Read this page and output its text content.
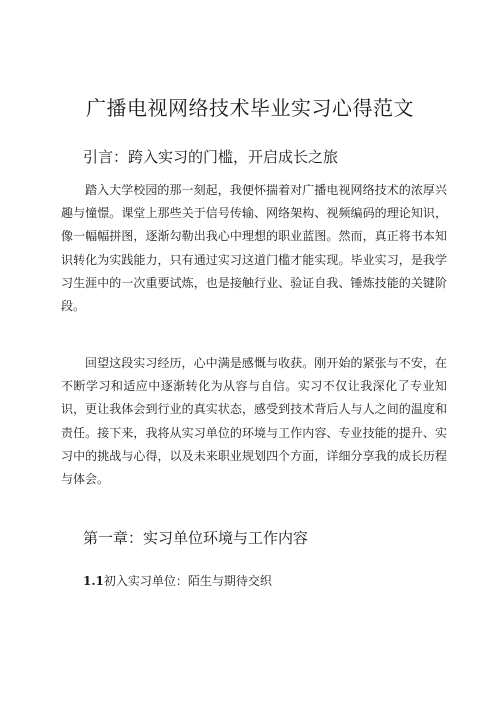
广播电视网络技术毕业实习心得范文
引言：跨入实习的门槛，开启成长之旅

踏入大学校园的那一刻起，我便怀揣着对广播电视网络技术的浓厚兴趣与憧憬。课堂上那些关于信号传输、网络架构、视频编码的理论知识，像一幅幅拼图，逐渐勾勒出我心中理想的职业蓝图。然而，真正将书本知识转化为实践能力，只有通过实习这道门槛才能实现。毕业实习，是我学习生涯中的一次重要试炼，也是接触行业、验证自我、锤炼技能的关键阶段。

回望这段实习经历，心中满是感慨与收获。刚开始的紧张与不安，在不断学习和适应中逐渐转化为从容与自信。实习不仅让我深化了专业知识，更让我体会到行业的真实状态，感受到技术背后人与人之间的温度和责任。接下来，我将从实习单位的环境与工作内容、专业技能的提升、实习中的挑战与心得，以及未来职业规划四个方面，详细分享我的成长历程与体会。

第一章：实习单位环境与工作内容
1.1初入实习单位：陌生与期待交织
